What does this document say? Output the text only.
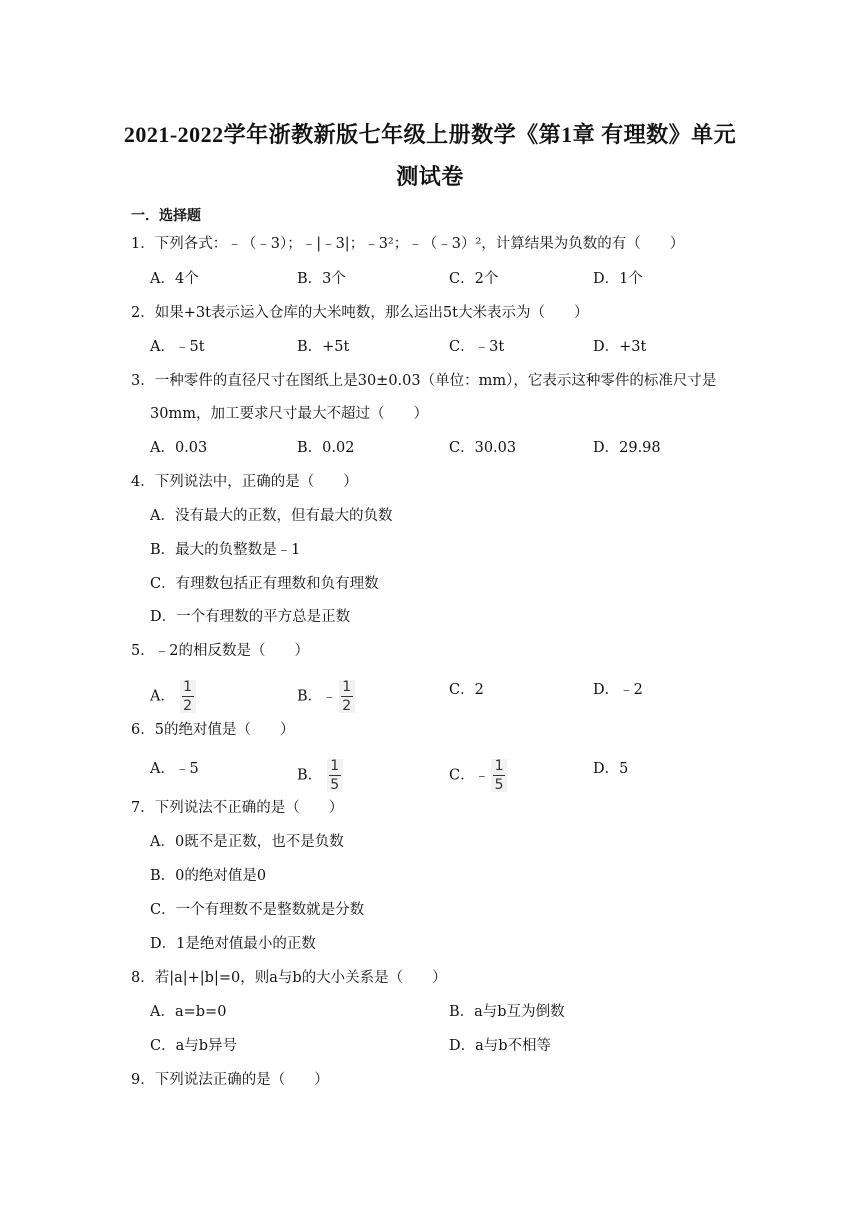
2021-2022学年浙教新版七年级上册数学《第1章 有理数》单元
测试卷
一．选择题
1．下列各式：﹣（﹣3）；﹣|﹣3|；﹣3²；﹣（﹣3）²，计算结果为负数的有（　　）
A．4个	B．3个	C．2个	D．1个
2．如果+3t表示运入仓库的大米吨数，那么运出5t大米表示为（　　）
A．﹣5t	B．+5t	C．﹣3t	D．+3t
3．一种零件的直径尺寸在图纸上是30±0.03（单位：mm），它表示这种零件的标准尺寸是
30mm，加工要求尺寸最大不超过（　　）
A．0.03	B．0.02	C．30.03	D．29.98
4．下列说法中，正确的是（　　）
A．没有最大的正数，但有最大的负数
B．最大的负整数是﹣1
C．有理数包括正有理数和负有理数
D．一个有理数的平方总是正数
5．﹣2的相反数是（　　）
A． $\frac{1}{2}$	B．﹣ $\frac{1}{2}$	C．2	D．﹣2
6．5的绝对值是（　　）
A．﹣5	B． $\frac{1}{5}$	C．﹣ $\frac{1}{5}$	D．5
7．下列说法不正确的是（　　）
A．0既不是正数，也不是负数
B．0的绝对值是0
C．一个有理数不是整数就是分数
D．1是绝对值最小的正数
8．若|a|+|b|=0，则a与b的大小关系是（　　）
A．a=b=0	B．a与b互为倒数
C．a与b异号	D．a与b不相等
9．下列说法正确的是（　　）
